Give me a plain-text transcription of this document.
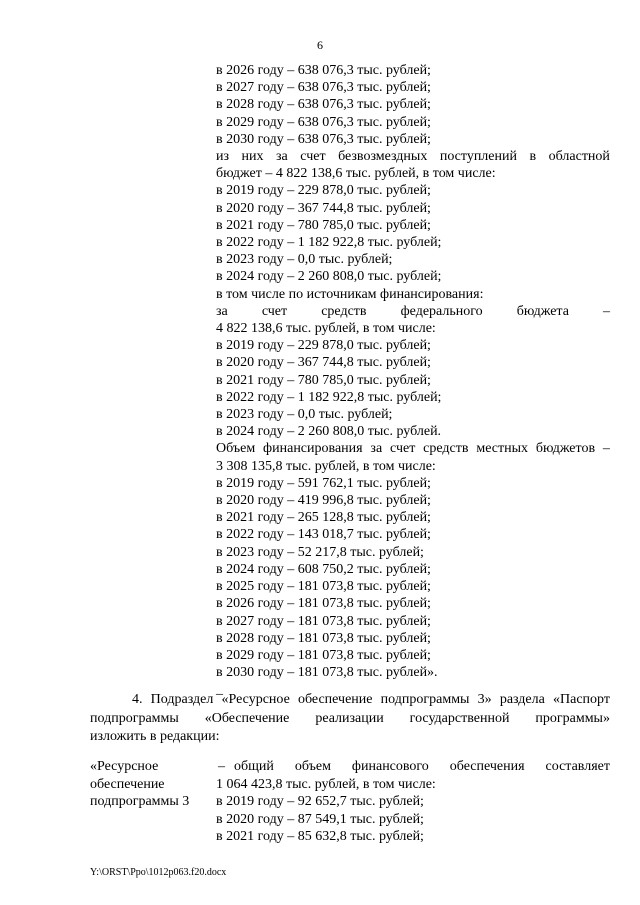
6
в 2026 году – 638 076,3 тыс. рублей;
в 2027 году – 638 076,3 тыс. рублей;
в 2028 году – 638 076,3 тыс. рублей;
в 2029 году – 638 076,3 тыс. рублей;
в 2030 году – 638 076,3 тыс. рублей;
из них за счет безвозмездных поступлений в областной
бюджет – 4 822 138,6 тыс. рублей, в том числе:
в 2019 году – 229 878,0 тыс. рублей;
в 2020 году – 367 744,8 тыс. рублей;
в 2021 году – 780 785,0 тыс. рублей;
в 2022 году – 1 182 922,8 тыс. рублей;
в 2023 году – 0,0 тыс. рублей;
в 2024 году – 2 260 808,0 тыс. рублей;
в том числе по источникам финансирования:
за счет средств федерального бюджета –
4 822 138,6 тыс. рублей, в том числе:
в 2019 году – 229 878,0 тыс. рублей;
в 2020 году – 367 744,8 тыс. рублей;
в 2021 году – 780 785,0 тыс. рублей;
в 2022 году – 1 182 922,8 тыс. рублей;
в 2023 году – 0,0 тыс. рублей;
в 2024 году – 2 260 808,0 тыс. рублей.
Объем финансирования за счет средств местных бюджетов –
3 308 135,8 тыс. рублей, в том числе:
в 2019 году – 591 762,1 тыс. рублей;
в 2020 году – 419 996,8 тыс. рублей;
в 2021 году – 265 128,8 тыс. рублей;
в 2022 году – 143 018,7 тыс. рублей;
в 2023 году – 52 217,8 тыс. рублей;
в 2024 году – 608 750,2 тыс. рублей;
в 2025 году – 181 073,8 тыс. рублей;
в 2026 году – 181 073,8 тыс. рублей;
в 2027 году – 181 073,8 тыс. рублей;
в 2028 году – 181 073,8 тыс. рублей;
в 2029 году – 181 073,8 тыс. рублей;
в 2030 году – 181 073,8 тыс. рублей».
_
4. Подраздел «Ресурсное обеспечение подпрограммы 3» раздела «Паспорт
подпрограммы «Обеспечение реализации государственной программы»
изложить в редакции:
«Ресурсное
обеспечение
подпрограммы 3
– общий объем финансового обеспечения составляет
1 064 423,8 тыс. рублей, в том числе:
в 2019 году – 92 652,7 тыс. рублей;
в 2020 году – 87 549,1 тыс. рублей;
в 2021 году – 85 632,8 тыс. рублей;
Y:\ORST\Ppo\1012p063.f20.docx
